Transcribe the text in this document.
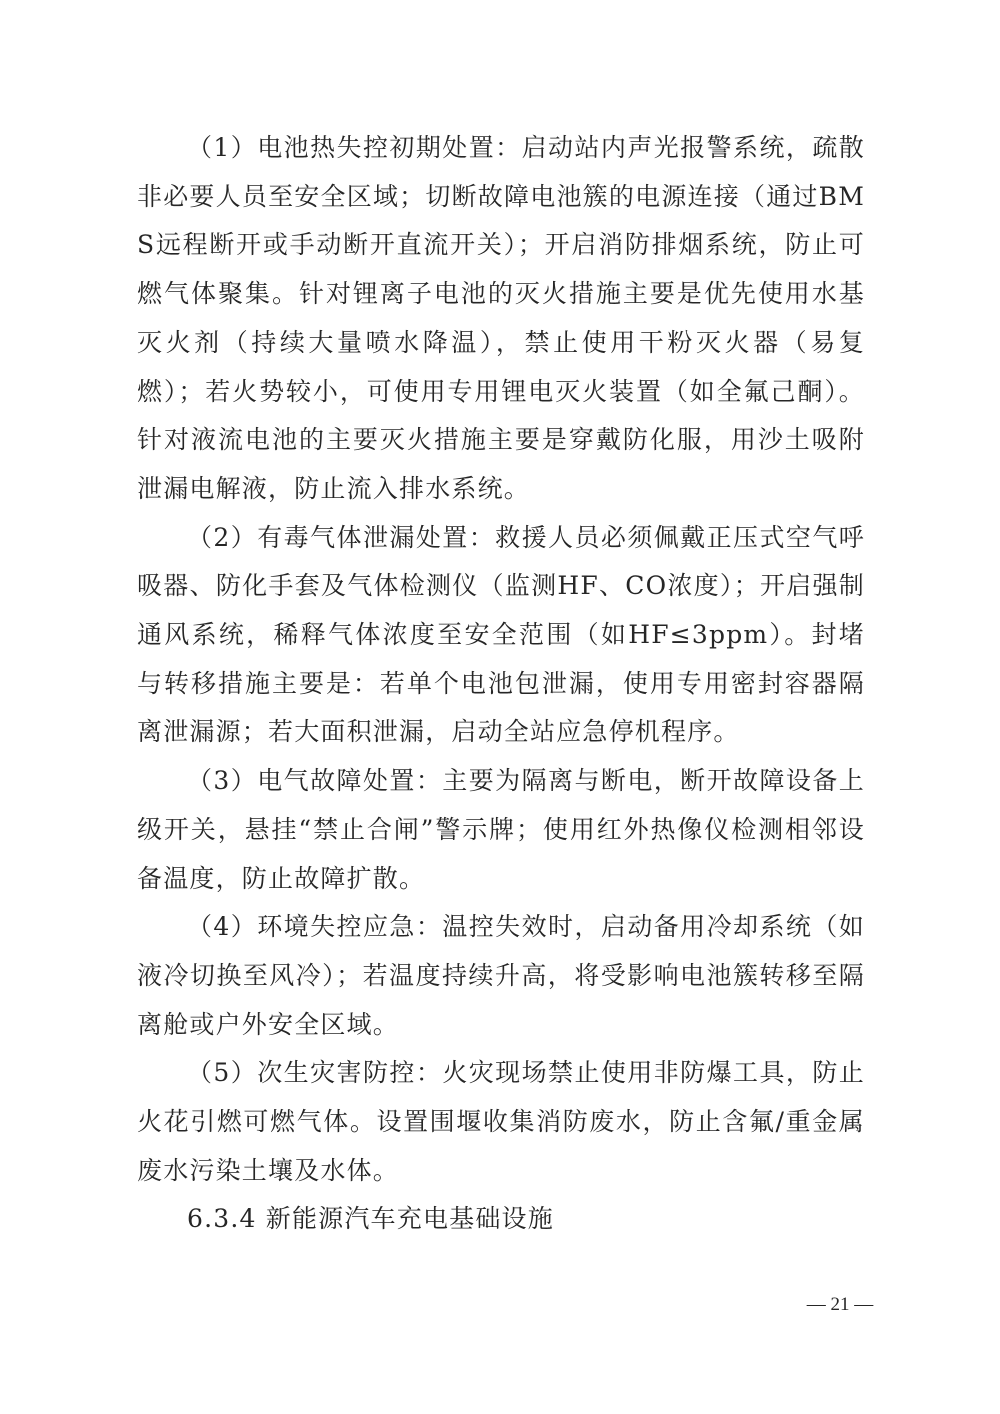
（1）电池热失控初期处置：启动站内声光报警系统，疏散非必要人员至安全区域；切断故障电池簇的电源连接（通过BMS远程断开或手动断开直流开关）；开启消防排烟系统，防止可燃气体聚集。针对锂离子电池的灭火措施主要是优先使用水基灭火剂（持续大量喷水降温），禁止使用干粉灭火器（易复燃）；若火势较小，可使用专用锂电灭火装置（如全氟己酮）。针对液流电池的主要灭火措施主要是穿戴防化服，用沙土吸附泄漏电解液，防止流入排水系统。

（2）有毒气体泄漏处置：救援人员必须佩戴正压式空气呼吸器、防化手套及气体检测仪（监测HF、CO浓度）；开启强制通风系统，稀释气体浓度至安全范围（如HF≤3ppm）。封堵与转移措施主要是：若单个电池包泄漏，使用专用密封容器隔离泄漏源；若大面积泄漏，启动全站应急停机程序。

（3）电气故障处置：主要为隔离与断电，断开故障设备上级开关，悬挂“禁止合闸”警示牌；使用红外热像仪检测相邻设备温度，防止故障扩散。

（4）环境失控应急：温控失效时，启动备用冷却系统（如液冷切换至风冷）；若温度持续升高，将受影响电池簇转移至隔离舱或户外安全区域。

（5）次生灾害防控：火灾现场禁止使用非防爆工具，防止火花引燃可燃气体。设置围堰收集消防废水，防止含氟/重金属废水污染土壤及水体。

6.3.4 新能源汽车充电基础设施

— 21 —
